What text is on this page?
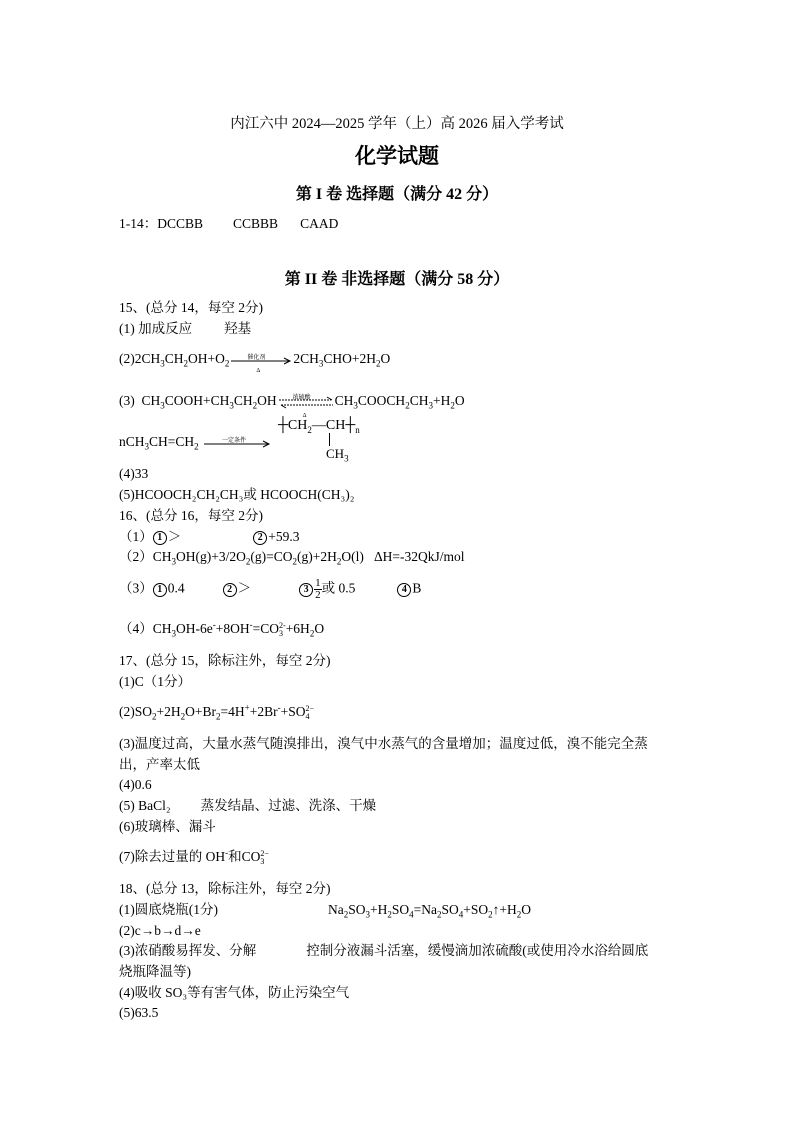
内江六中 2024—2025 学年（上）高 2026 届入学考试
化学试题
第 I 卷 选择题（满分 42 分）
1-14：DCCBB CCBBB CAAD
第 II 卷 非选择题（满分 58 分）
15、(总分 14，每空 2分)
(1) 加成反应 羟基
$(2)2CH_3CH_2OH+O_2$
催化剂
Δ
$2CH_3CHO+2H_2O$
(3)  $CH_3COOH+CH_3CH_2OH$	浓硫酸
Δ
$CH_3COOCH_2CH_3+H_2O$
$nCH_3CH=CH_2$
一定条件
$┼CH_2—CH┼_n$
$CH_3$
(4)33
(5)HCOOCH₂CH₂CH₃或 HCOOCH(CH₃)₂
16、(总分 16，每空 2分)
（1） 1 ＞	2 +59.3
$(2)CH_3OH(g)+3/2O_2(g)=CO_2(g)+2H_2O(l)$   ΔH=-32QkJ/mol
（3） 1 0.4	2 ＞	$3 \frac{1}{2}$ 或 0.5	4 B
$(4)CH_3OH-6e^-+8OH^-=CO$ 2-
$3 +6H_2O$
17、(总分 15，除标注外，每空 2分)
(1)C（1分）
$(2)SO_2+2H_2O+Br_2=4H^++2Br^-+SO$ 2−
4
(3)温度过高，大量水蒸气随溴排出，溴气中水蒸气的含量增加；温度过低，溴不能完全蒸
出，产率太低
(4)0.6
(5) BaCl₂ 蒸发结晶、过滤、洗涤、干燥
(6)玻璃棒、漏斗
(7)除去过量的 OH-和CO 2−
3
18、(总分 13，除标注外，每空 2分)
(1)圆底烧瓶(1分)	$Na_2SO_3+H_2SO_4=Na_2SO_4+SO_2↑+H_2O$
(2)c→b→d→e
(3)浓硝酸易挥发、分解	控制分液漏斗活塞，缓慢滴加浓硫酸(或使用冷水浴给圆底
烧瓶降温等)
(4)吸收 SO₃等有害气体，防止污染空气
(5)63.5
